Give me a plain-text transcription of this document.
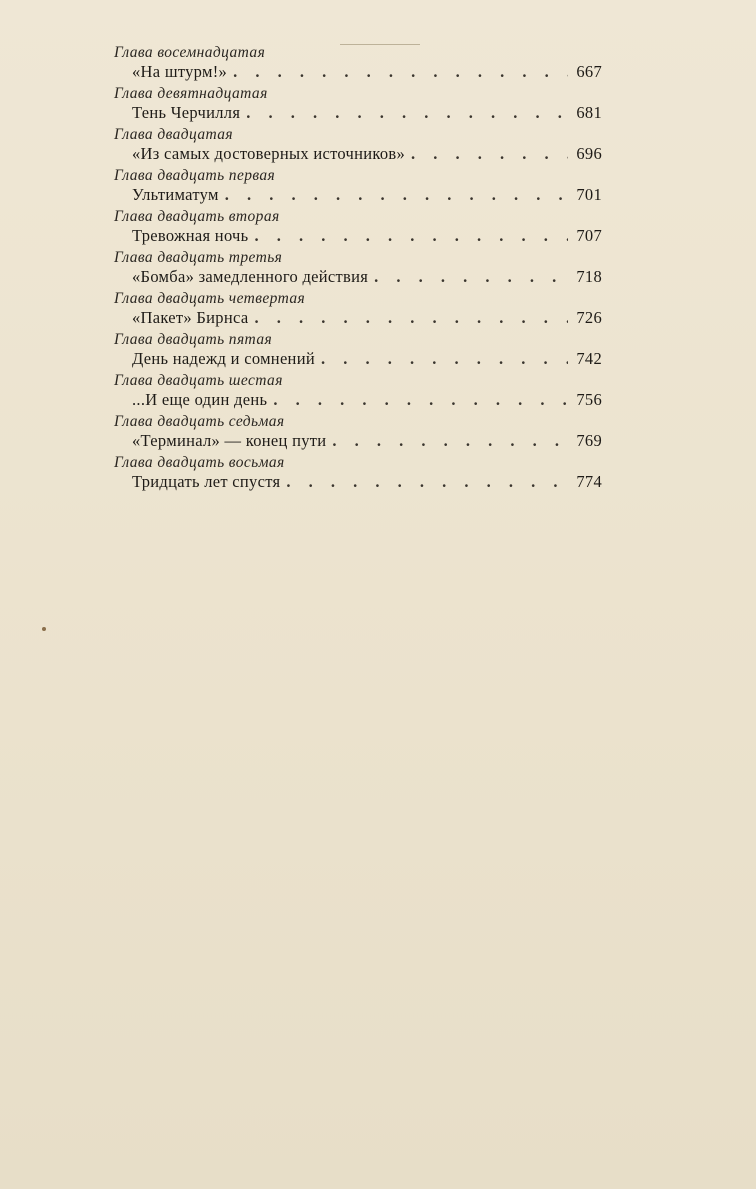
Глава восемнадцатая
«На штурм!» . . .	667
Глава девятнадцатая
Тень Черчилля . . .	681
Глава двадцатая
«Из самых достоверных источников» . . .	696
Глава двадцать первая
Ультиматум . . .	701
Глава двадцать вторая
Тревожная ночь . . .	707
Глава двадцать третья
«Бомба» замедленного действия . . .	718
Глава двадцать четвертая
«Пакет» Бирнса . . .	726
Глава двадцать пятая
День надежд и сомнений . . .	742
Глава двадцать шестая
...И еще один день . . .	756
Глава двадцать седьмая
«Терминал» — конец пути . . .	769
Глава двадцать восьмая
Тридцать лет спустя . . .	774
